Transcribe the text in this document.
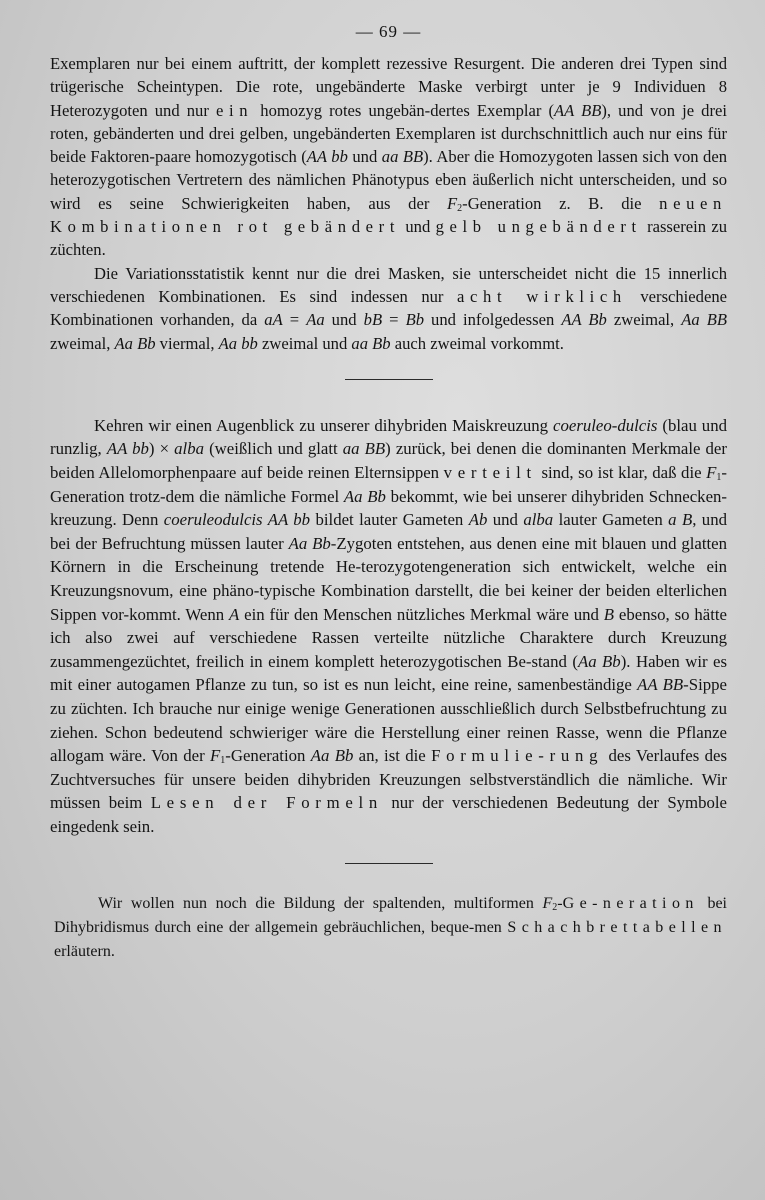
— 69 —

Exemplaren nur bei einem auftritt, der komplett rezessive Resurgent. Die anderen drei Typen sind trügerische Scheintypen. Die rote, ungebänderte Maske verbirgt unter je 9 Individuen 8 Heterozygoten und nur ein homozyg rotes ungebän-dertes Exemplar (AA BB), und von je drei roten, gebänderten und drei gelben, ungebänderten Exemplaren ist durchschnittlich auch nur eins für beide Faktoren-paare homozygotisch (AA bb und aa BB). Aber die Homozygoten lassen sich von den heterozygotischen Vertretern des nämlichen Phänotypus eben äußerlich nicht unterscheiden, und so wird es seine Schwierigkeiten haben, aus der $F_2$-Generation z. B. die neuen Kombinationen rot gebändert und gelb ungebändert rasserein zu züchten.

Die Variationsstatistik kennt nur die drei Masken, sie unterscheidet nicht die 15 innerlich verschiedenen Kombinationen. Es sind indessen nur acht wirklich verschiedene Kombinationen vorhanden, da aA = Aa und bB = Bb und infolgedessen AA Bb zweimal, Aa BB zweimal, Aa Bb viermal, Aa bb zweimal und aa Bb auch zweimal vorkommt.

Kehren wir einen Augenblick zu unserer dihybriden Maiskreuzung coeruleo-dulcis (blau und runzlig, AA bb) × alba (weißlich und glatt aa BB) zurück, bei denen die dominanten Merkmale der beiden Allelomorphenpaare auf beide reinen Elternsippen verteilt sind, so ist klar, daß die $F_1$-Generation trotz-dem die nämliche Formel Aa Bb bekommt, wie bei unserer dihybriden Schnecken-kreuzung. Denn coeruleodulcis AA bb bildet lauter Gameten Ab und alba lauter Gameten a B, und bei der Befruchtung müssen lauter Aa Bb-Zygoten entstehen, aus denen eine mit blauen und glatten Körnern in die Erscheinung tretende He-terozygotengeneration sich entwickelt, welche ein Kreuzungsnovum, eine phäno-typische Kombination darstellt, die bei keiner der beiden elterlichen Sippen vor-kommt. Wenn A ein für den Menschen nützliches Merkmal wäre und B ebenso, so hätte ich also zwei auf verschiedene Rassen verteilte nützliche Charaktere durch Kreuzung zusammengezüchtet, freilich in einem komplett heterozygotischen Be-stand (Aa Bb). Haben wir es mit einer autogamen Pflanze zu tun, so ist es nun leicht, eine reine, samenbeständige AA BB-Sippe zu züchten. Ich brauche nur einige wenige Generationen ausschließlich durch Selbstbefruchtung zu ziehen. Schon bedeutend schwieriger wäre die Herstellung einer reinen Rasse, wenn die Pflanze allogam wäre. Von der $F_1$-Generation Aa Bb an, ist die Formulie-rung des Verlaufes des Zuchtversuches für unsere beiden dihybriden Kreuzungen selbstverständlich die nämliche. Wir müssen beim Lesen der Formeln nur der verschiedenen Bedeutung der Symbole eingedenk sein.

Wir wollen nun noch die Bildung der spaltenden, multiformen $F_2-Ge$-neration bei Dihybridismus durch eine der allgemein gebräuchlichen, beque-men Schachbrettabellen erläutern.
